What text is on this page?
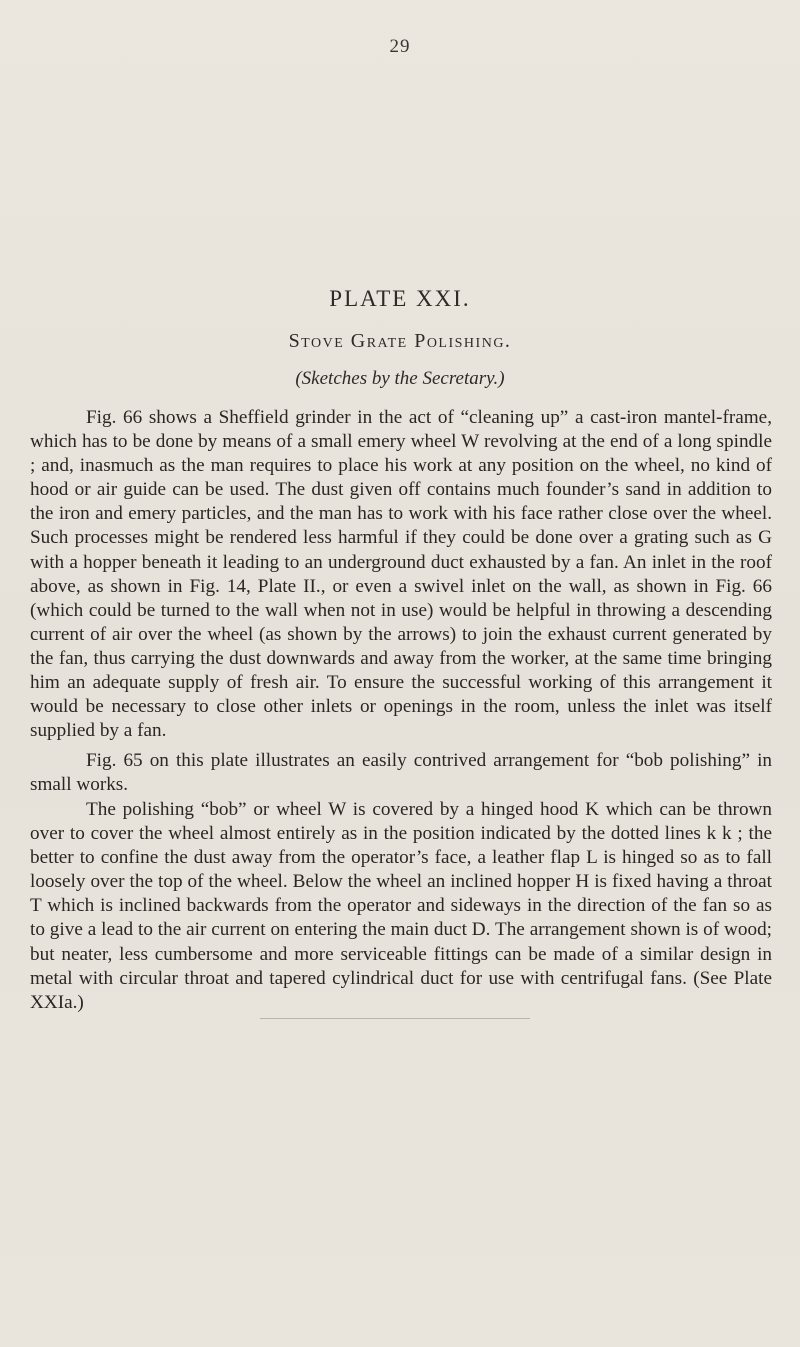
29
PLATE XXI.
Stove Grate Polishing.
(Sketches by the Secretary.)

Fig. 66 shows a Sheffield grinder in the act of “cleaning up” a cast-iron mantel-frame, which has to be done by means of a small emery wheel W revolving at the end of a long spindle ; and, inasmuch as the man requires to place his work at any position on the wheel, no kind of hood or air guide can be used. The dust given off contains much founder’s sand in addition to the iron and emery particles, and the man has to work with his face rather close over the wheel. Such processes might be rendered less harmful if they could be done over a grating such as G with a hopper beneath it leading to an underground duct exhausted by a fan. An inlet in the roof above, as shown in Fig. 14, Plate II., or even a swivel inlet on the wall, as shown in Fig. 66 (which could be turned to the wall when not in use) would be helpful in throwing a descending current of air over the wheel (as shown by the arrows) to join the exhaust current generated by the fan, thus carrying the dust downwards and away from the worker, at the same time bringing him an adequate supply of fresh air. To ensure the successful working of this arrangement it would be necessary to close other inlets or openings in the room, unless the inlet was itself supplied by a fan.

Fig. 65 on this plate illustrates an easily contrived arrangement for “bob polishing” in small works.

The polishing “bob” or wheel W is covered by a hinged hood K which can be thrown over to cover the wheel almost entirely as in the position indicated by the dotted lines k k ; the better to confine the dust away from the operator’s face, a leather flap L is hinged so as to fall loosely over the top of the wheel. Below the wheel an inclined hopper H is fixed having a throat T which is inclined backwards from the operator and sideways in the direction of the fan so as to give a lead to the air current on entering the main duct D. The arrangement shown is of wood; but neater, less cumbersome and more serviceable fittings can be made of a similar design in metal with circular throat and tapered cylindrical duct for use with centrifugal fans. (See Plate XXIa.)
